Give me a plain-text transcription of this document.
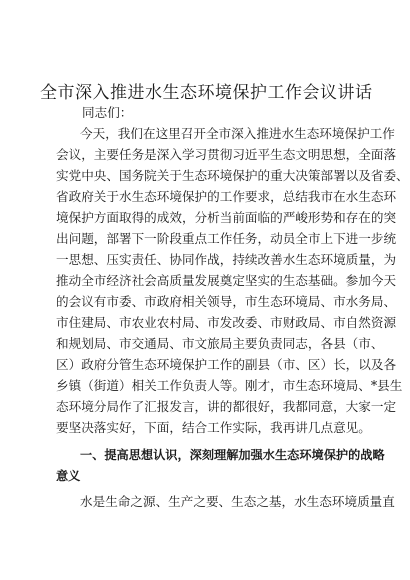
全市深入推进水生态环境保护工作会议讲话
同志们：
今天，我们在这里召开全市深入推进水生态环境保护工作
会议，主要任务是深入学习贯彻习近平生态文明思想，全面落
实党中央、国务院关于生态环境保护的重大决策部署以及省委、
省政府关于水生态环境保护的工作要求，总结我市在水生态环
境保护方面取得的成效，分析当前面临的严峻形势和存在的突
出问题，部署下一阶段重点工作任务，动员全市上下进一步统
一思想、压实责任、协同作战，持续改善水生态环境质量，为
推动全市经济社会高质量发展奠定坚实的生态基础。参加今天
的会议有市委、市政府相关领导，市生态环境局、市水务局、
市住建局、市农业农村局、市发改委、市财政局、市自然资源
和规划局、市交通局、市文旅局主要负责同志，各县（市、
区）政府分管生态环境保护工作的副县（市、区）长，以及各
乡镇（街道）相关工作负责人等。刚才，市生态环境局、*县生
态环境分局作了汇报发言，讲的都很好，我都同意，大家一定
要坚决落实好，下面，结合工作实际，我再讲几点意见。
一、提高思想认识，深刻理解加强水生态环境保护的战略
意义
水是生命之源、生产之要、生态之基，水生态环境质量直
